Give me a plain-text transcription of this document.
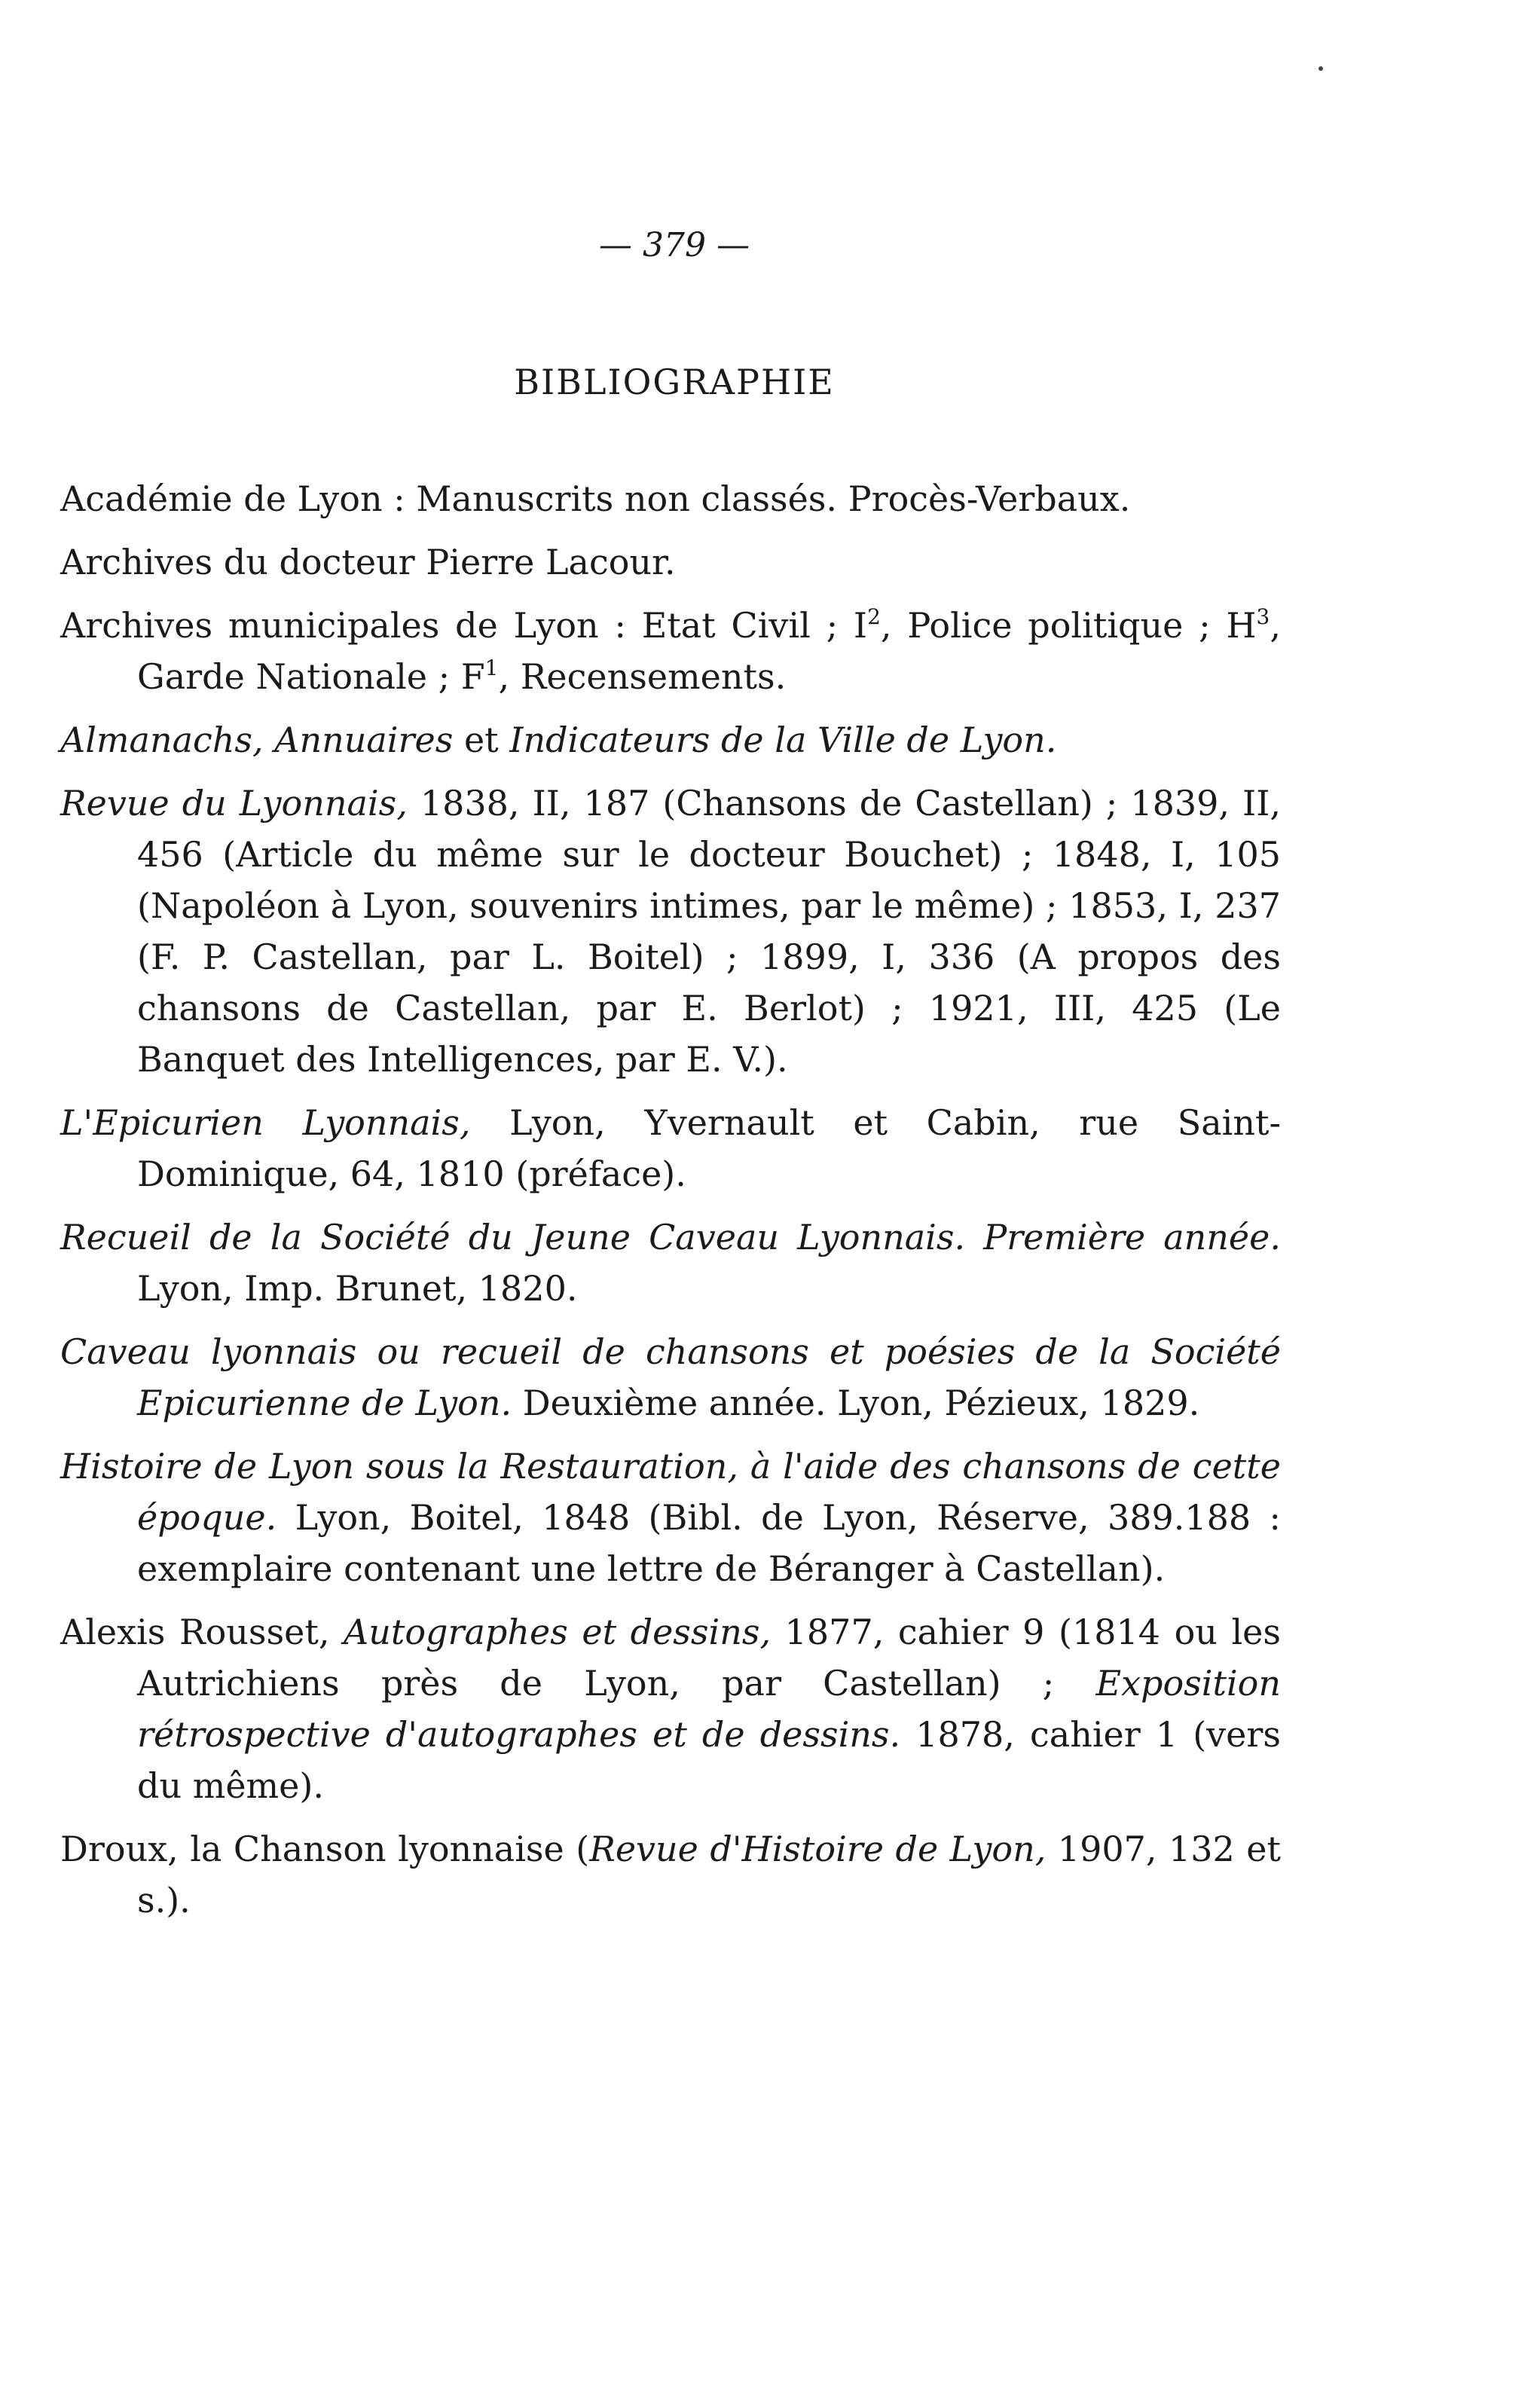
— 379 —
BIBLIOGRAPHIE

Académie de Lyon : Manuscrits non classés. Procès-Verbaux.

Archives du docteur Pierre Lacour.

Archives municipales de Lyon : Etat Civil ; $I^2$, Police politique ; $H^3$, Garde Nationale ; $F^1$, Recensements.

Almanachs, Annuaires et Indicateurs de la Ville de Lyon.

Revue du Lyonnais, 1838, II, 187 (Chansons de Castellan) ; 1839, II, 456 (Article du même sur le docteur Bouchet) ; 1848, I, 105 (Napoléon à Lyon, souvenirs intimes, par le même) ; 1853, I, 237 (F. P. Castellan, par L. Boitel) ; 1899, I, 336 (A propos des chansons de Castellan, par E. Berlot) ; 1921, III, 425 (Le Banquet des Intelligences, par E. V.).

L'Epicurien Lyonnais, Lyon, Yvernault et Cabin, rue Saint-Dominique, 64, 1810 (préface).

Recueil de la Société du Jeune Caveau Lyonnais. Première année. Lyon, Imp. Brunet, 1820.

Caveau lyonnais ou recueil de chansons et poésies de la Société Epicurienne de Lyon. Deuxième année. Lyon, Pézieux, 1829.

Histoire de Lyon sous la Restauration, à l'aide des chansons de cette époque. Lyon, Boitel, 1848 (Bibl. de Lyon, Réserve, 389.188 : exemplaire contenant une lettre de Béranger à Castellan).

Alexis Rousset, Autographes et dessins, 1877, cahier 9 (1814 ou les Autrichiens près de Lyon, par Castellan) ; Exposition rétrospective d'autographes et de dessins. 1878, cahier 1 (vers du même).

Droux, la Chanson lyonnaise (Revue d'Histoire de Lyon, 1907, 132 et s.).
